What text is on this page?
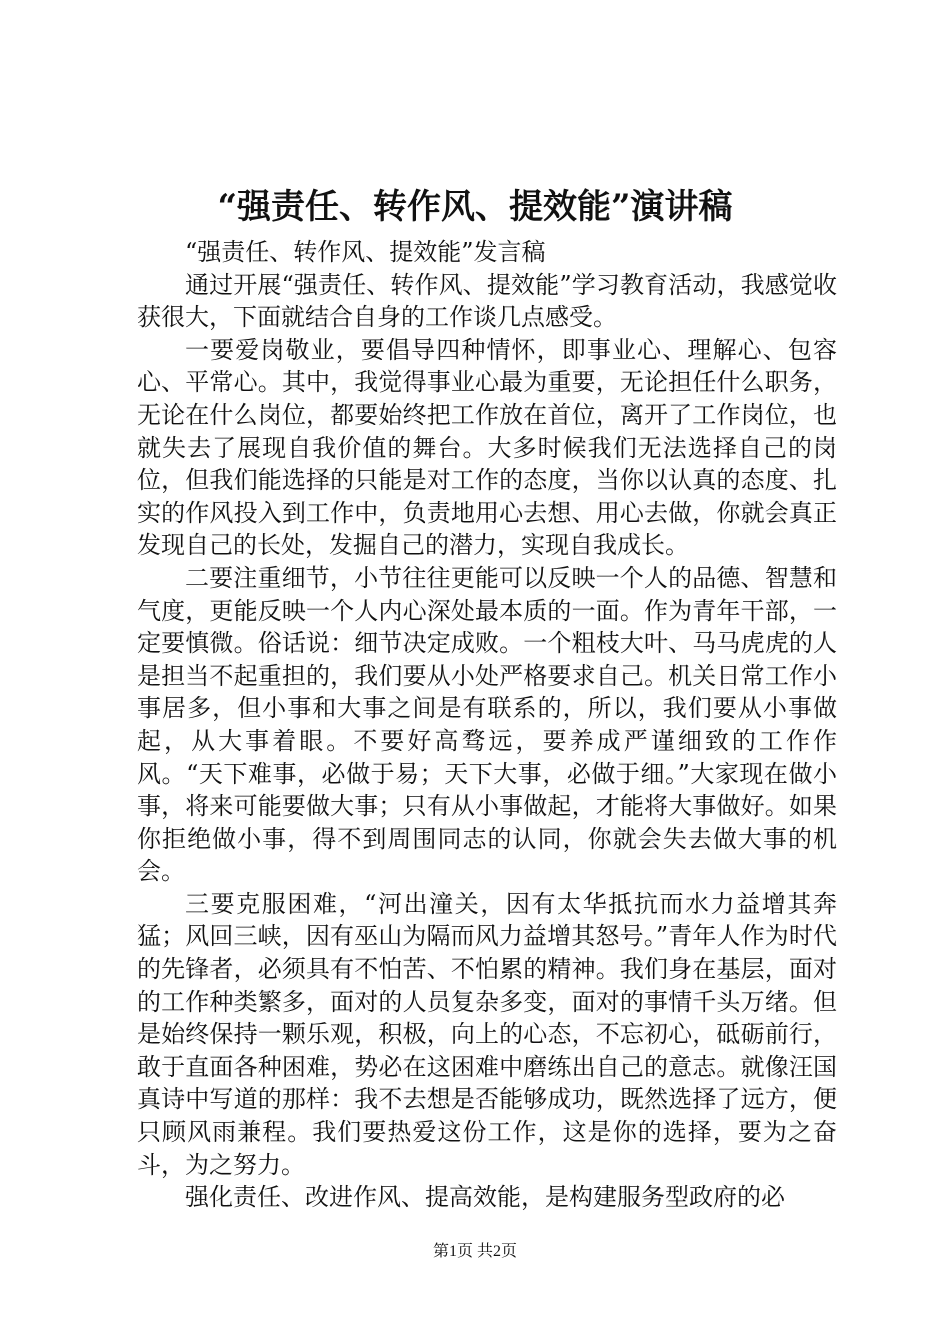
“强责任、转作风、提效能”演讲稿

“强责任、转作风、提效能”发言稿

通过开展“强责任、转作风、提效能”学习教育活动，我感觉收获很大，下面就结合自身的工作谈几点感受。

一要爱岗敬业，要倡导四种情怀，即事业心、理解心、包容心、平常心。其中，我觉得事业心最为重要，无论担任什么职务，无论在什么岗位，都要始终把工作放在首位，离开了工作岗位，也就失去了展现自我价值的舞台。大多时候我们无法选择自己的岗位，但我们能选择的只能是对工作的态度，当你以认真的态度、扎实的作风投入到工作中，负责地用心去想、用心去做，你就会真正发现自己的长处，发掘自己的潜力，实现自我成长。

二要注重细节，小节往往更能可以反映一个人的品德、智慧和气度，更能反映一个人内心深处最本质的一面。作为青年干部，一定要慎微。俗话说：细节决定成败。一个粗枝大叶、马马虎虎的人是担当不起重担的，我们要从小处严格要求自己。机关日常工作小事居多，但小事和大事之间是有联系的，所以，我们要从小事做起，从大事着眼。不要好高骛远，要养成严谨细致的工作作风。“天下难事，必做于易；天下大事，必做于细。”大家现在做小事，将来可能要做大事；只有从小事做起，才能将大事做好。如果你拒绝做小事，得不到周围同志的认同，你就会失去做大事的机会。

三要克服困难，“河出潼关，因有太华抵抗而水力益增其奔猛；风回三峡，因有巫山为隔而风力益增其怒号。”青年人作为时代的先锋者，必须具有不怕苦、不怕累的精神。我们身在基层，面对的工作种类繁多，面对的人员复杂多变，面对的事情千头万绪。但是始终保持一颗乐观，积极，向上的心态，不忘初心，砥砺前行，敢于直面各种困难，势必在这困难中磨练出自己的意志。就像汪国真诗中写道的那样：我不去想是否能够成功，既然选择了远方，便只顾风雨兼程。我们要热爱这份工作，这是你的选择，要为之奋斗，为之努力。

强化责任、改进作风、提高效能，是构建服务型政府的必

第1页 共2页
